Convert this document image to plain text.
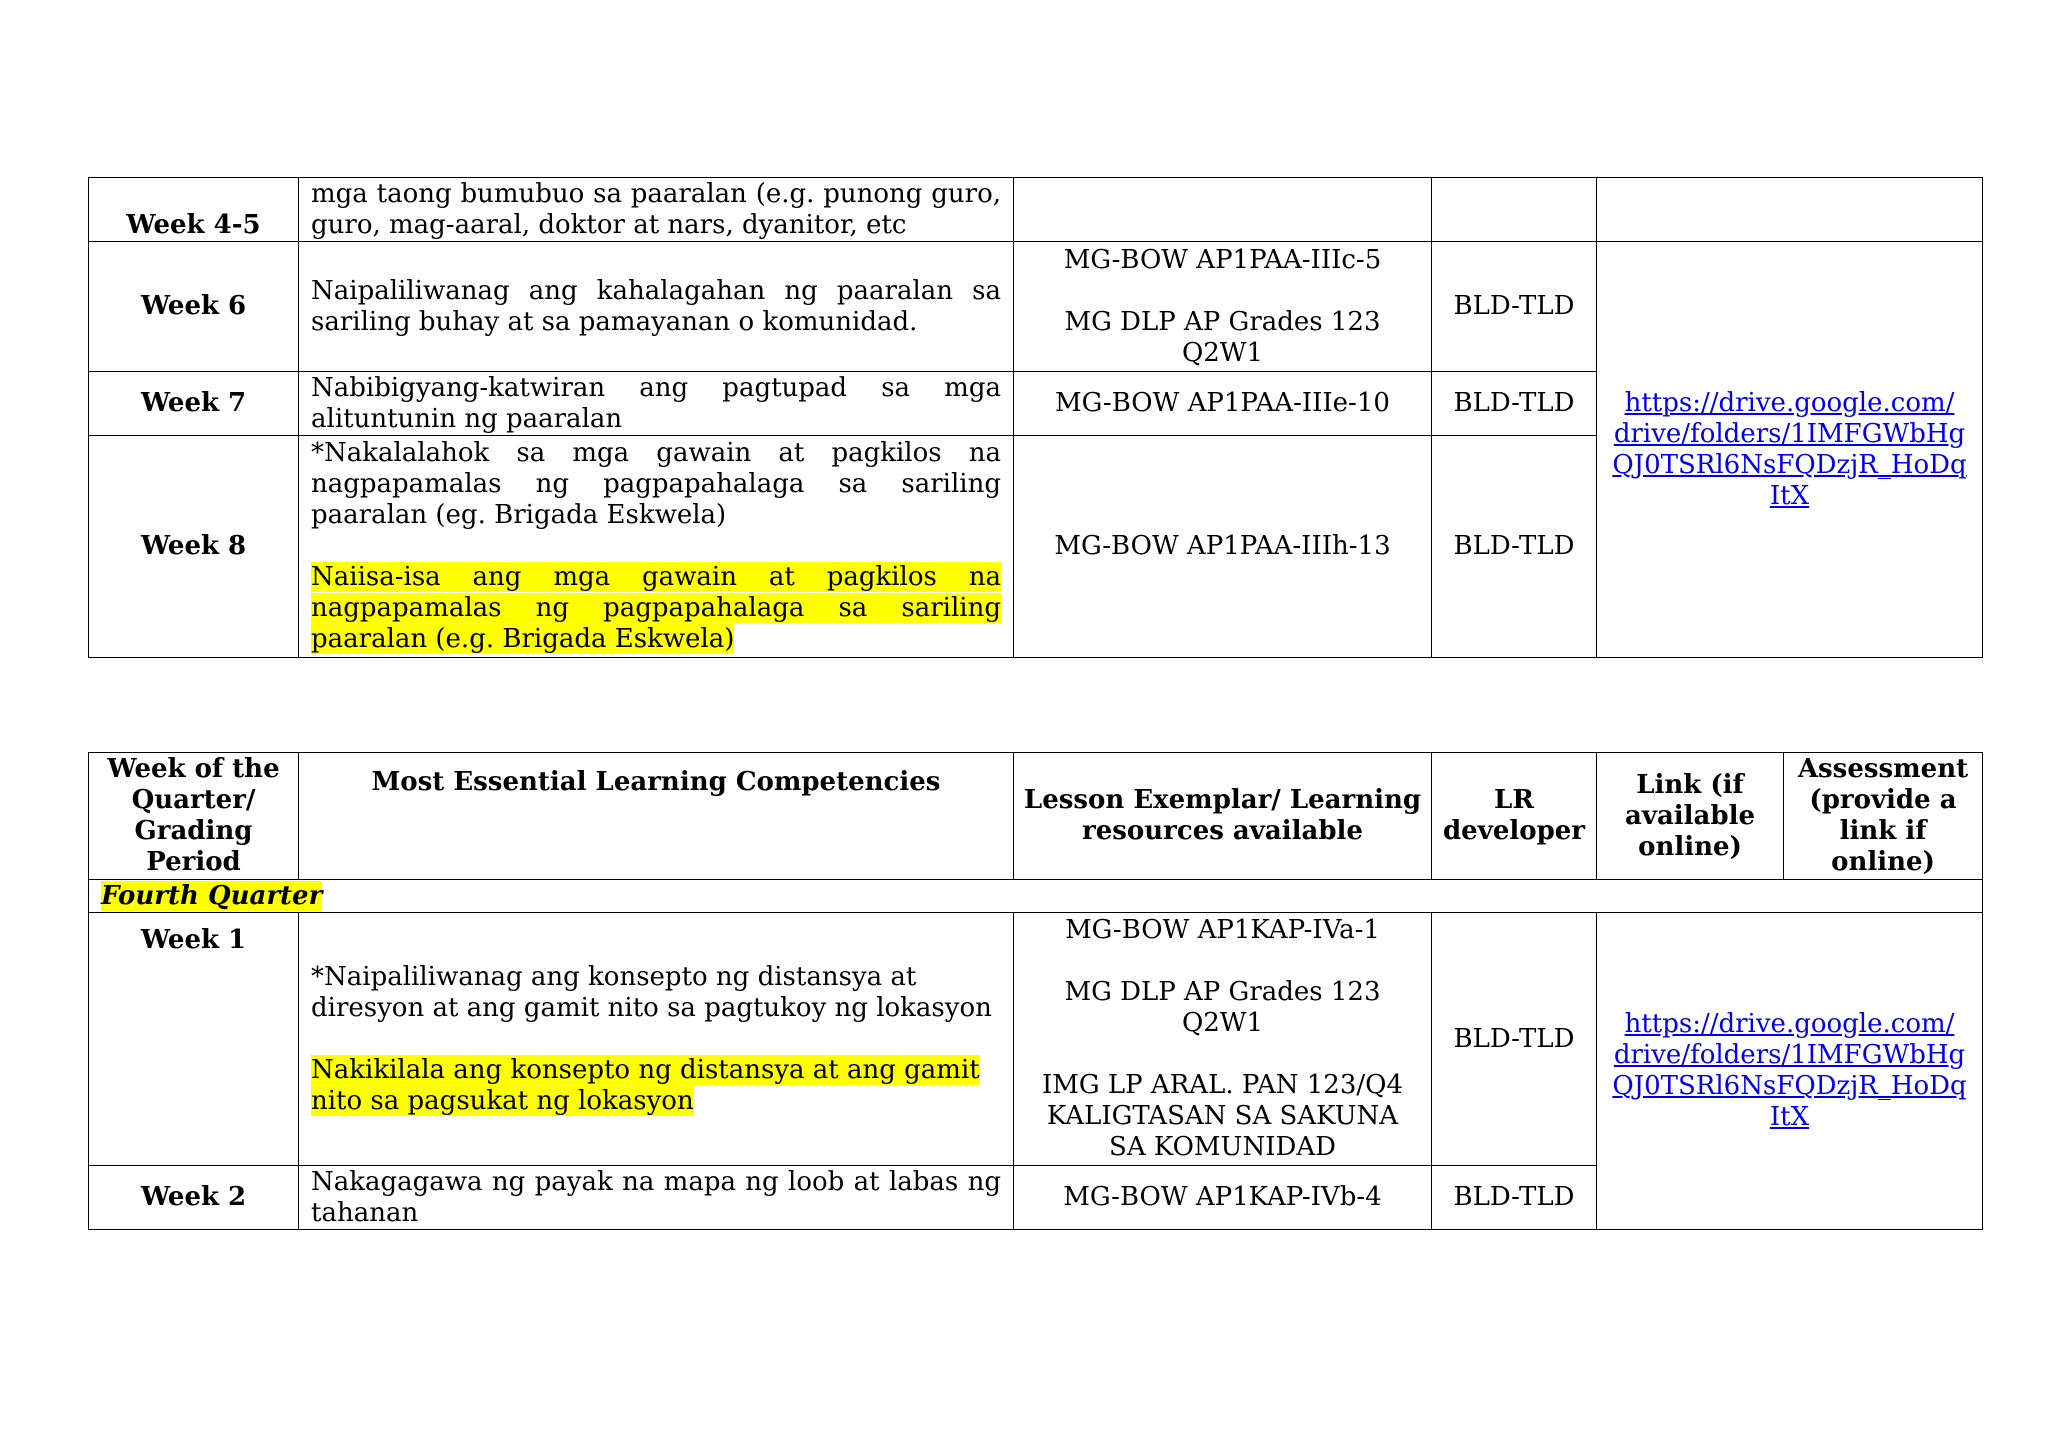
Week 4-5	mga taong bumubuo sa paaralan (e.g. punong guro,
guro, mag-aaral, doktor at nars, dyanitor, etc			

Week 6	Naipaliliwanag ang kahalagahan ng paaralan sa sariling buhay at sa pamayanan o komunidad.	MG-BOW AP1PAA-IIIc-5
MG DLP AP Grades 123 Q2W1	BLD-TLD	https://drive.google.com/
drive/folders/1IMFGWbHg
QJ0TSRl6NsFQDzjR_HoDq
ItX

Week 7	Nabibigyang-katwiran ang pagtupad sa mga alituntunin ng paaralan	MG-BOW AP1PAA-IIIe-10	BLD-TLD	
Week 8	*Nakalalahok sa mga gawain at pagkilos na nagpapamalas ng pagpapahalaga sa sariling paaralan (eg. Brigada Eskwela)
Naiisa-isa ang mga gawain at pagkilos na nagpapamalas ng pagpapahalaga sa sariling paaralan (e.g. Brigada Eskwela)	MG-BOW AP1PAA-IIIh-13	BLD-TLD	
Week of the Quarter/ Grading Period	Most Essential Learning Competencies	Lesson Exemplar/ Learning resources available	LR developer	Link (if available online)	Assessment (provide a link if online)
Fourth Quarter					
Week 1	*Naipaliliwanag ang konsepto ng distansya at diresyon at ang gamit nito sa pagtukoy ng lokasyon
Nakikilala ang konsepto ng distansya at ang gamit nito sa pagsukat ng lokasyon	MG-BOW AP1KAP-IVa-1
MG DLP AP Grades 123 Q2W1
IMG LP ARAL. PAN 123/Q4 KALIGTASAN SA SAKUNA SA KOMUNIDAD	BLD-TLD	https://drive.google.com/
drive/folders/1IMFGWbHg
QJ0TSRl6NsFQDzjR_HoDq
ItX	

Week 2	Nakagagawa ng payak na mapa ng loob at labas ng tahanan	MG-BOW AP1KAP-IVb-4	BLD-TLD		
